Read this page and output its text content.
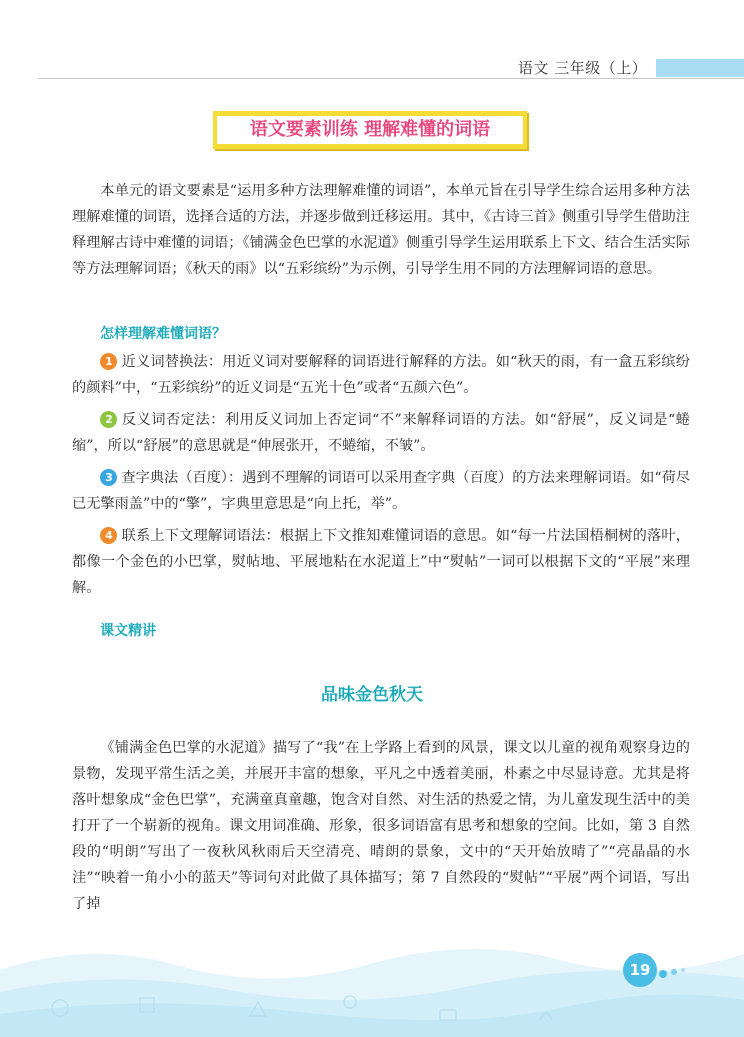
语文 三年级（上）
语文要素训练 理解难懂的词语

本单元的语文要素是“运用多种方法理解难懂的词语”，本单元旨在引导学生综合运用多种方法理解难懂的词语，选择合适的方法，并逐步做到迁移运用。其中，《古诗三首》侧重引导学生借助注释理解古诗中难懂的词语；《铺满金色巴掌的水泥道》侧重引导学生运用联系上下文、结合生活实际等方法理解词语；《秋天的雨》以“五彩缤纷”为示例，引导学生用不同的方法理解词语的意思。

怎样理解难懂词语？

1 近义词替换法：用近义词对要解释的词语进行解释的方法。如“秋天的雨，有一盒五彩缤纷的颜料”中，“五彩缤纷”的近义词是“五光十色”或者“五颜六色”。

2 反义词否定法：利用反义词加上否定词“不”来解释词语的方法。如“舒展”，反义词是“蜷缩”，所以“舒展”的意思就是“伸展张开，不蜷缩，不皱”。

3 查字典法（百度）：遇到不理解的词语可以采用查字典（百度）的方法来理解词语。如“荷尽已无擎雨盖”中的“擎”，字典里意思是“向上托，举”。

4 联系上下文理解词语法：根据上下文推知难懂词语的意思。如“每一片法国梧桐树的落叶，都像一个金色的小巴掌，熨帖地、平展地粘在水泥道上”中“熨帖”一词可以根据下文的“平展”来理解。

课文精讲
品味金色秋天

《铺满金色巴掌的水泥道》描写了“我”在上学路上看到的风景，课文以儿童的视角观察身边的景物，发现平常生活之美，并展开丰富的想象，平凡之中透着美丽，朴素之中尽显诗意。尤其是将落叶想象成“金色巴掌”，充满童真童趣，饱含对自然、对生活的热爱之情，为儿童发现生活中的美打开了一个崭新的视角。课文用词准确、形象，很多词语富有思考和想象的空间。比如，第 3 自然段的“明朗”写出了一夜秋风秋雨后天空清亮、晴朗的景象，文中的“天开始放晴了”“亮晶晶的水洼”“映着一角小小的蓝天”等词句对此做了具体描写；第 7 自然段的“熨帖”“平展”两个词语，写出了掉

19
